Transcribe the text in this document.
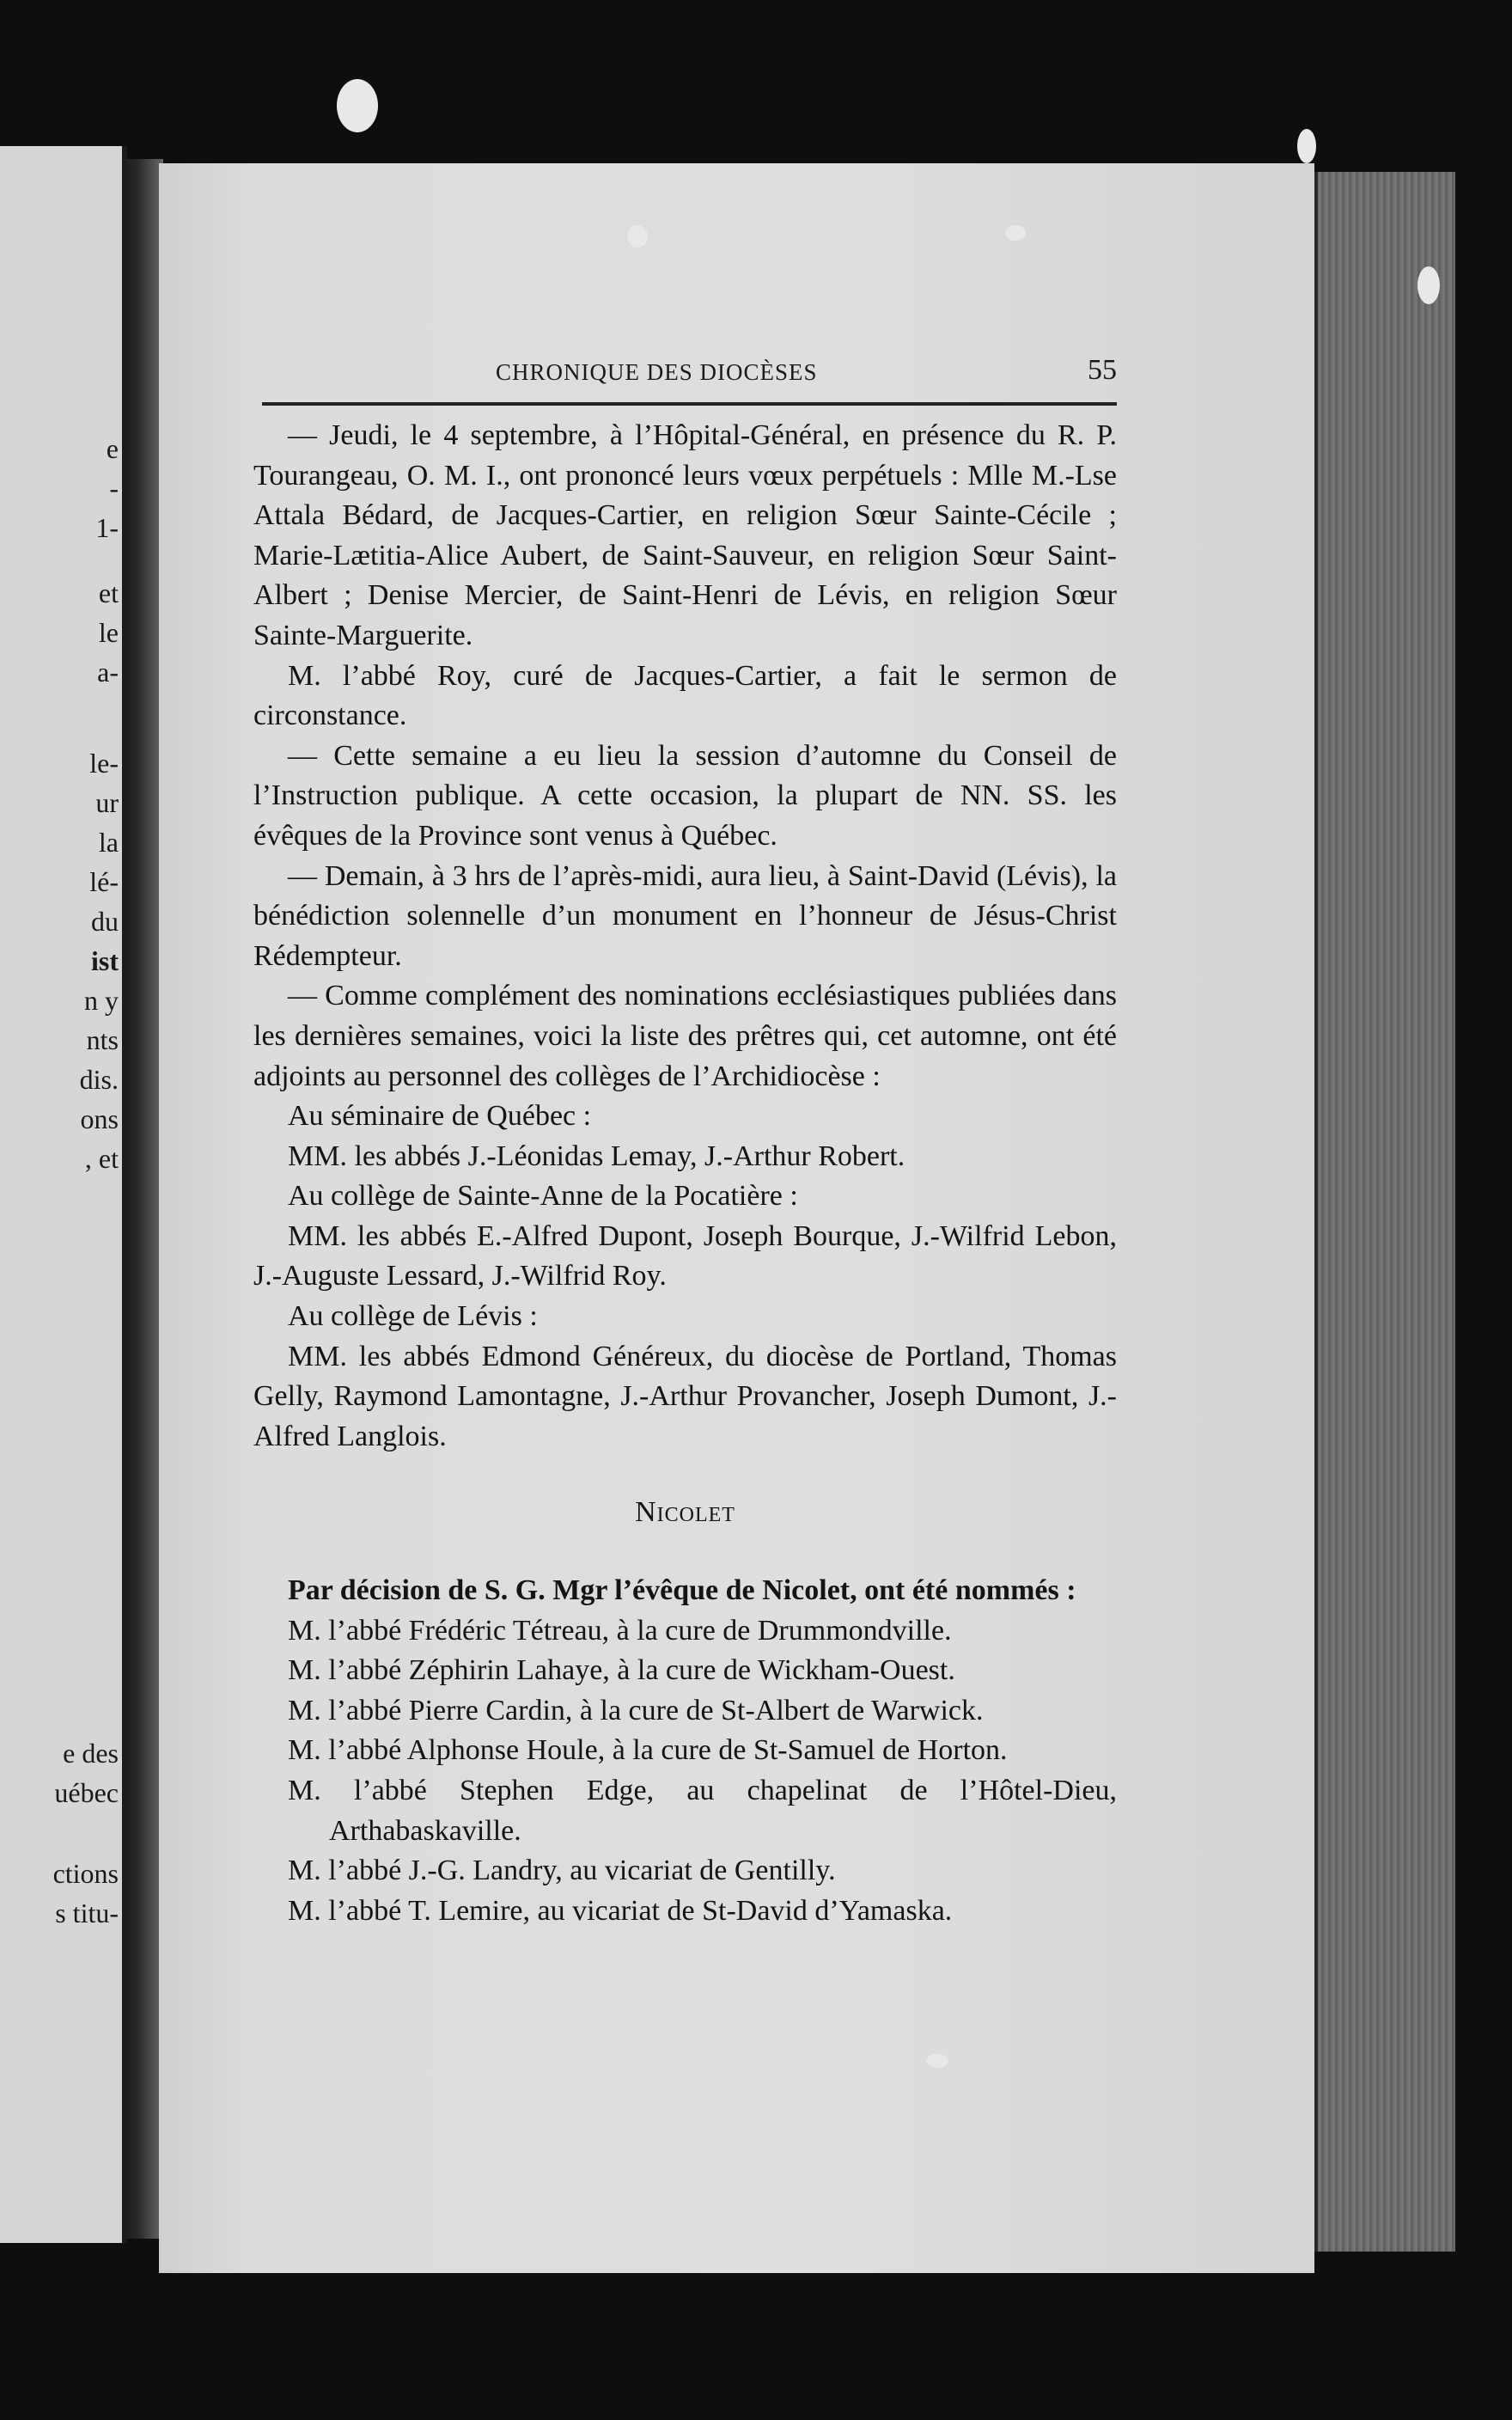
e
-
1-
et
le
a-
le-
ur
la
lé-
du
ist
n y
nts
dis.
ons
, et
e des
uébec
ctions
s titu-
CHRONIQUE DES DIOCÈSES	55

— Jeudi, le 4 septembre, à l’Hôpital-Général, en présence du R. P. Tourangeau, O. M. I., ont prononcé leurs vœux perpétuels : Mlle M.-Lse Attala Bédard, de Jacques-Cartier, en religion Sœur Sainte-Cécile ; Marie-Lætitia-Alice Aubert, de Saint-Sauveur, en religion Sœur Saint-Albert ; Denise Mercier, de Saint-Henri de Lévis, en religion Sœur Sainte-Marguerite.

M. l’abbé Roy, curé de Jacques-Cartier, a fait le sermon de circonstance.

— Cette semaine a eu lieu la session d’automne du Conseil de l’Instruction publique. A cette occasion, la plupart de NN. SS. les évêques de la Province sont venus à Québec.

— Demain, à 3 hrs de l’après-midi, aura lieu, à Saint-David (Lévis), la bénédiction solennelle d’un monument en l’honneur de Jésus-Christ Rédempteur.

— Comme complément des nominations ecclésiastiques publiées dans les dernières semaines, voici la liste des prêtres qui, cet automne, ont été adjoints au personnel des collèges de l’Archidiocèse :

Au séminaire de Québec :

MM. les abbés J.-Léonidas Lemay, J.-Arthur Robert.

Au collège de Sainte-Anne de la Pocatière :

MM. les abbés E.-Alfred Dupont, Joseph Bourque, J.-Wilfrid Lebon, J.-Auguste Lessard, J.-Wilfrid Roy.

Au collège de Lévis :

MM. les abbés Edmond Généreux, du diocèse de Portland, Thomas Gelly, Raymond Lamontagne, J.-Arthur Provancher, Joseph Dumont, J.-Alfred Langlois.

Nicolet

Par décision de S. G. Mgr l’évêque de Nicolet, ont été nommés :

M. l’abbé Frédéric Tétreau, à la cure de Drummondville.

M. l’abbé Zéphirin Lahaye, à la cure de Wickham-Ouest.

M. l’abbé Pierre Cardin, à la cure de St-Albert de Warwick.

M. l’abbé Alphonse Houle, à la cure de St-Samuel de Horton.

M. l’abbé Stephen Edge, au chapelinat de l’Hôtel-Dieu, Arthabaskaville.

M. l’abbé J.-G. Landry, au vicariat de Gentilly.

M. l’abbé T. Lemire, au vicariat de St-David d’Yamaska.
